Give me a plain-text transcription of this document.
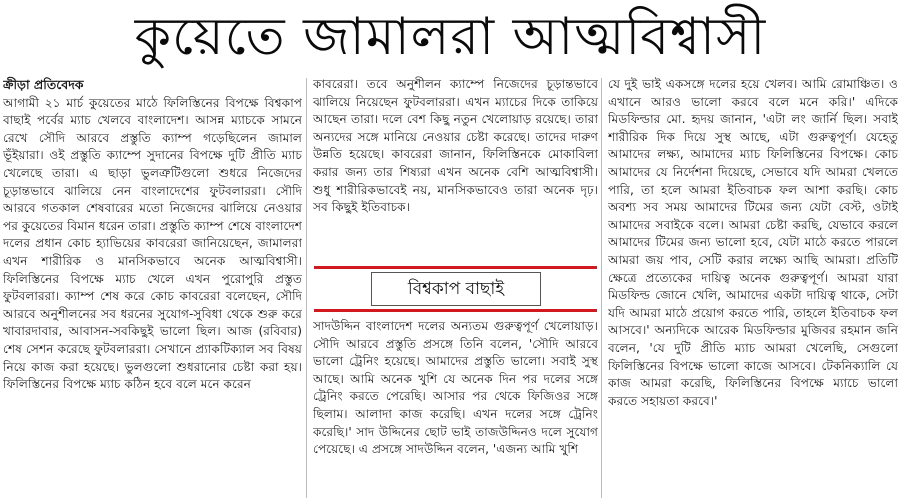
কুয়েতে জামালরা আত্মবিশ্বাসী

ক্রীড়া প্রতিবেদক
আগামী ২১ মার্চ কুয়েতের মাঠে ফিলিস্তিনের বিপক্ষে বিশ্বকাপ বাছাই পর্বের ম্যাচ খেলবে বাংলাদেশ। আসন্ন ম্যাচকে সামনে রেখে সৌদি আরবে প্রস্তুতি ক্যাম্প গড়েছিলেন জামাল ভূঁইয়ারা। ওই প্রস্তুতি ক্যাম্পে সুদানের বিপক্ষে দুটি প্রীতি ম্যাচ খেলেছে তারা। এ ছাড়া ভুলত্রুটিগুলো শুধরে নিজেদের চূড়ান্তভাবে ঝালিয়ে নেন বাংলাদেশের ফুটবলাররা। সৌদি আরবে গতকাল শেষবারের মতো নিজেদের ঝালিয়ে নেওয়ার পর কুয়েতের বিমান ধরেন তারা। প্রস্তুতি ক্যাম্প শেষে বাংলাদেশ দলের প্রধান কোচ হ্যাভিয়ের কাবরেরা জানিয়েছেন, জামালরা এখন শারীরিক ও মানসিকভাবে অনেক আত্মবিশ্বাসী। ফিলিস্তিনের বিপক্ষে ম্যাচ খেলে এখন পুরোপুরি প্রস্তুত ফুটবলাররা। ক্যাম্প শেষ করে কোচ কাবরেরা বলেছেন, সৌদি আরবে অনুশীলনের সব ধরনের সুযোগ-সুবিধা থেকে শুরু করে খাবারদাবার, আবাসন-সবকিছুই ভালো ছিল। আজ (রবিবার) শেষ সেশন করেছে ফুটবলাররা। সেখানে প্র্যাকটিক্যাল সব বিষয় নিয়ে কাজ করা হয়েছে। ভুলগুলো শুধরানোর চেষ্টা করা হয়। ফিলিস্তিনের বিপক্ষে ম্যাচ কঠিন হবে বলে মনে করেন

কাবরেরা। তবে অনুশীলন ক্যাম্পে নিজেদের চূড়ান্তভাবে ঝালিয়ে নিয়েছেন ফুটবলাররা। এখন ম্যাচের দিকে তাকিয়ে আছেন তারা। দলে বেশ কিছু নতুন খেলোয়াড় রয়েছে। তারা অন্যদের সঙ্গে মানিয়ে নেওয়ার চেষ্টা করেছে। তাদের দারুণ উন্নতি হয়েছে। কাবরেরা জানান, ফিলিস্তিনকে মোকাবিলা করার জন্য তার শিষ্যরা এখন অনেক বেশি আত্মবিশ্বাসী। শুধু শারীরিকভাবেই নয়, মানসিকভাবেও তারা অনেক দৃঢ়। সব কিছুই ইতিবাচক।

বিশ্বকাপ বাছাই

সাদউদ্দিন বাংলাদেশ দলের অন্যতম গুরুত্বপূর্ণ খেলোয়াড়। সৌদি আরবে প্রস্তুতি প্রসঙ্গে তিনি বলেন, 'সৌদি আরবে ভালো ট্রেনিং হয়েছে। আমাদের প্রস্তুতি ভালো। সবাই সুস্থ আছে। আমি অনেক খুশি যে অনেক দিন পর দলের সঙ্গে ট্রেনিং করতে পেরেছি। আসার পর থেকে ফিজিওর সঙ্গে ছিলাম। আলাদা কাজ করেছি। এখন দলের সঙ্গে ট্রেনিং করেছি।' সাদ উদ্দিনের ছোট ভাই তাজউদ্দিনও দলে সুযোগ পেয়েছে। এ প্রসঙ্গে সাদউদ্দিন বলেন, 'এজন্য আমি খুশি

যে দুই ভাই একসঙ্গে দলের হয়ে খেলব। আমি রোমাঞ্চিত। ও এখানে আরও ভালো করবে বলে মনে করি।' এদিকে মিডফিল্ডার মো. হৃদয় জানান, 'এটা লং জার্নি ছিল। সবাই শারীরিক দিক দিয়ে সুস্থ আছে, এটা গুরুত্বপূর্ণ। যেহেতু আমাদের লক্ষ্য, আমাদের ম্যাচ ফিলিস্তিনের বিপক্ষে। কোচ আমাদের যে নির্দেশনা দিয়েছে, সেভাবে যদি আমরা খেলতে পারি, তা হলে আমরা ইতিবাচক ফল আশা করছি। কোচ অবশ্য সব সময় আমাদের টিমের জন্য যেটা বেস্ট, ওটাই আমাদের সবাইকে বলে। আমরা চেষ্টা করছি, যেভাবে করলে আমাদের টিমের জন্য ভালো হবে, যেটা মাঠে করতে পারলে আমরা জয় পাব, সেটি করার লক্ষ্যে আছি আমরা। প্রতিটি ক্ষেত্রে প্রত্যেকের দায়িত্ব অনেক গুরুত্বপূর্ণ। আমরা যারা মিডফিল্ড জোনে খেলি, আমাদের একটা দায়িত্ব থাকে, সেটা যদি আমরা মাঠে প্রয়োগ করতে পারি, তাহলে ইতিবাচক ফল আসবে।' অন্যদিকে আরেক মিডফিল্ডার মুজিবর রহমান জনি বলেন, 'যে দুটি প্রীতি ম্যাচ আমরা খেলেছি, সেগুলো ফিলিস্তিনের বিপক্ষে ভালো কাজে আসবে। টেকনিক্যালি যে কাজ আমরা করেছি, ফিলিস্তিনের বিপক্ষে ম্যাচে ভালো করতে সহায়তা করবে।'
